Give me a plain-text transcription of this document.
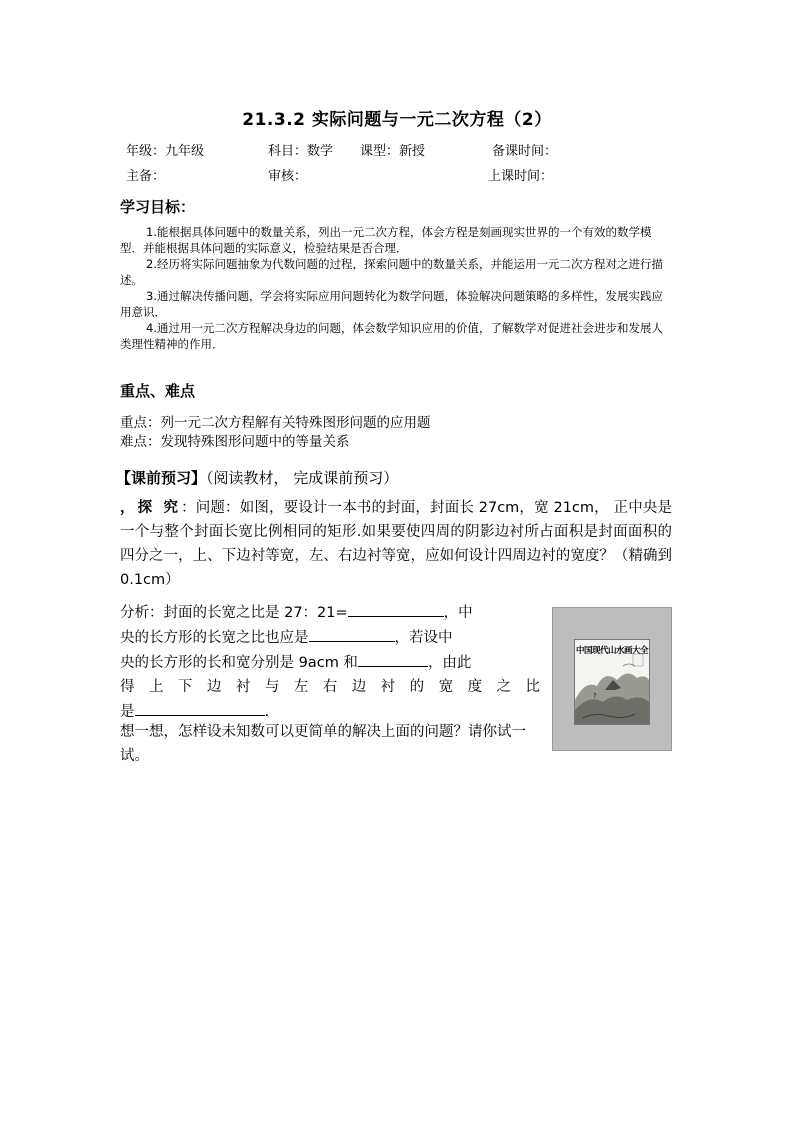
21.3.2 实际问题与一元二次方程（2）
年级：九年级	科目：数学 课型：新授	备课时间：
主备：	审核：	上课时间：
学习目标：

1.能根据具体问题中的数量关系，列出一元二次方程，体会方程是刻画现实世界的一个有效的数学模型．并能根据具体问题的实际意义，检验结果是否合理．

2.经历将实际问题抽象为代数问题的过程，探索问题中的数量关系，并能运用一元二次方程对之进行描述。

3.通过解决传播问题，学会将实际应用问题转化为数学问题，体验解决问题策略的多样性，发展实践应用意识．

4.通过用一元二次方程解决身边的问题，体会数学知识应用的价值，了解数学对促进社会进步和发展人类理性精神的作用．

重点、难点
重点：列一元二次方程解有关特殊图形问题的应用题
难点：发现特殊图形问题中的等量关系
【课前预习】（阅读教材， 完成课前预习）
，探 究：问题：如图，要设计一本书的封面，封面长 27cm，宽 21cm， 正中央是一个与整个封面长宽比例相同的矩形.如果要使四周的阴影边衬所占面积是封面面积的四分之一，上、下边衬等宽，左、右边衬等宽，应如何设计四周边衬的宽度？（精确到 0.1cm）
分析：封面的长宽之比是 27：21=	，中
央的长方形的长宽之比也应是	，若设中
央的长方形的长和宽分别是 9acm 和	，由此
得上下边衬与左右边衬的宽度之比
是	.
想一想，怎样设未知数可以更简单的解决上面的问题？请你试一试。
中国现代山水画大全
?
